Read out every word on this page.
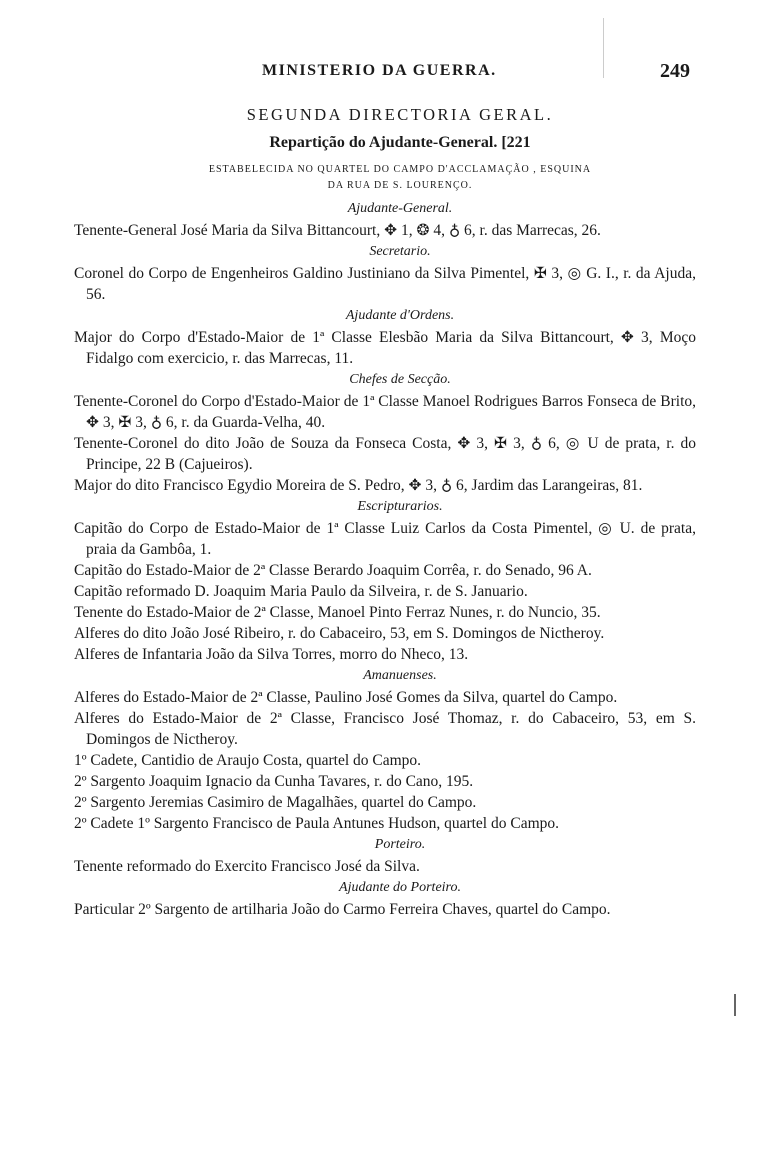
MINISTERIO DA GUERRA.	249
SEGUNDA DIRECTORIA GERAL.
Repartição do Ajudante-General. [221
ESTABELECIDA NO QUARTEL DO CAMPO D'ACCLAMAÇÃO , ESQUINA
DA RUA DE S. LOURENÇO.
Ajudante-General.
Tenente-General José Maria da Silva Bittancourt, ✥ 1, ❂ 4, ♁ 6, r. das Marrecas, 26.
Secretario.
Coronel do Corpo de Engenheiros Galdino Justiniano da Silva Pimentel, ✠ 3, ◎ G. I., r. da Ajuda, 56.
Ajudante d'Ordens.
Major do Corpo d'Estado-Maior de 1ª Classe Elesbão Maria da Silva Bittancourt, ✥ 3, Moço Fidalgo com exercicio, r. das Marrecas, 11.
Chefes de Secção.
Tenente-Coronel do Corpo d'Estado-Maior de 1ª Classe Manoel Rodrigues Barros Fonseca de Brito, ✥ 3, ✠ 3, ♁ 6, r. da Guarda-Velha, 40.
Tenente-Coronel do dito João de Souza da Fonseca Costa, ✥ 3, ✠ 3, ♁ 6, ◎ U de prata, r. do Principe, 22 B (Cajueiros).
Major do dito Francisco Egydio Moreira de S. Pedro, ✥ 3, ♁ 6, Jardim das Larangeiras, 81.
Escripturarios.
Capitão do Corpo de Estado-Maior de 1ª Classe Luiz Carlos da Costa Pimentel, ◎ U. de prata, praia da Gambôa, 1.
Capitão do Estado-Maior de 2ª Classe Berardo Joaquim Corrêa, r. do Senado, 96 A.
Capitão reformado D. Joaquim Maria Paulo da Silveira, r. de S. Januario.
Tenente do Estado-Maior de 2ª Classe, Manoel Pinto Ferraz Nunes, r. do Nuncio, 35.
Alferes do dito João José Ribeiro, r. do Cabaceiro, 53, em S. Domingos de Nictheroy.
Alferes de Infantaria João da Silva Torres, morro do Nheco, 13.
Amanuenses.
Alferes do Estado-Maior de 2ª Classe, Paulino José Gomes da Silva, quartel do Campo.
Alferes do Estado-Maior de 2ª Classe, Francisco José Thomaz, r. do Cabaceiro, 53, em S. Domingos de Nictheroy.
1º Cadete, Cantidio de Araujo Costa, quartel do Campo.
2º Sargento Joaquim Ignacio da Cunha Tavares, r. do Cano, 195.
2º Sargento Jeremias Casimiro de Magalhães, quartel do Campo.
2º Cadete 1º Sargento Francisco de Paula Antunes Hudson, quartel do Campo.
Porteiro.
Tenente reformado do Exercito Francisco José da Silva.
Ajudante do Porteiro.
Particular 2º Sargento de artilharia João do Carmo Ferreira Chaves, quartel do Campo.
